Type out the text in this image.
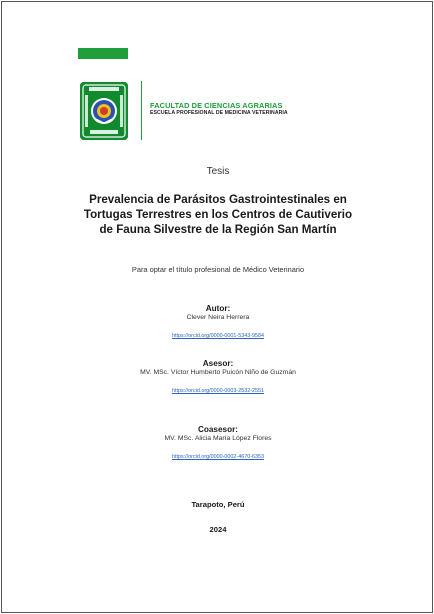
FACULTAD DE CIENCIAS AGRARIAS
ESCUELA PROFESIONAL DE MEDICINA VETERINARIA
Tesis
Prevalencia de Parásitos Gastrointestinales en
Tortugas Terrestres en los Centros de Cautiverio
de Fauna Silvestre de la Región San Martín
Para optar el título profesional de Médico Veterinario
Autor:
Clever Neira Herrera
https://orcid.org/0000-0001-5343-9584
Asesor:
MV. MSc. Víctor Humberto Puicón Niño de Guzmán
https://orcid.org/0000-0003-2532-2551
Coasesor:
MV. MSc. Alicia María López Flores
https://orcid.org/0000-0002-4670-6353
Tarapoto, Perú
2024
